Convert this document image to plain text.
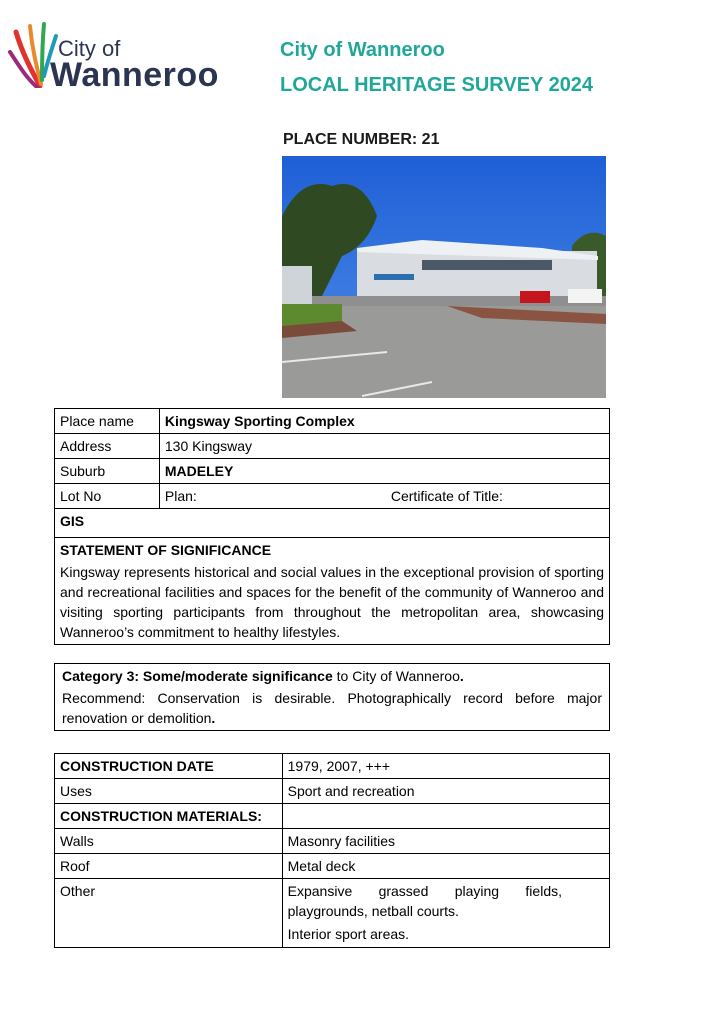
City of
Wanneroo
City of Wanneroo
LOCAL HERITAGE SURVEY 2024
PLACE NUMBER: 21
Place name	Kingsway Sporting Complex	
Address	130 Kingsway	
Suburb	MADELEY	
Lot No	Plan:	Certificate of Title:
GIS		

STATEMENT OF SIGNIFICANCE
Kingsway represents historical and social values in the exceptional provision of sporting and recreational facilities and spaces for the benefit of the community of Wanneroo and visiting sporting participants from throughout the metropolitan area, showcasing Wanneroo’s commitment to healthy lifestyles.		
Category 3: Some/moderate significance to City of Wanneroo.
Recommend: Conservation is desirable. Photographically record before major renovation or demolition.
CONSTRUCTION DATE	1979, 2007, +++
Uses	Sport and recreation
CONSTRUCTION MATERIALS:	
Walls	Masonry facilities
Roof	Metal deck
Other	Expansive grassed playing fields, playgrounds, netball courts.
Interior sport areas.
